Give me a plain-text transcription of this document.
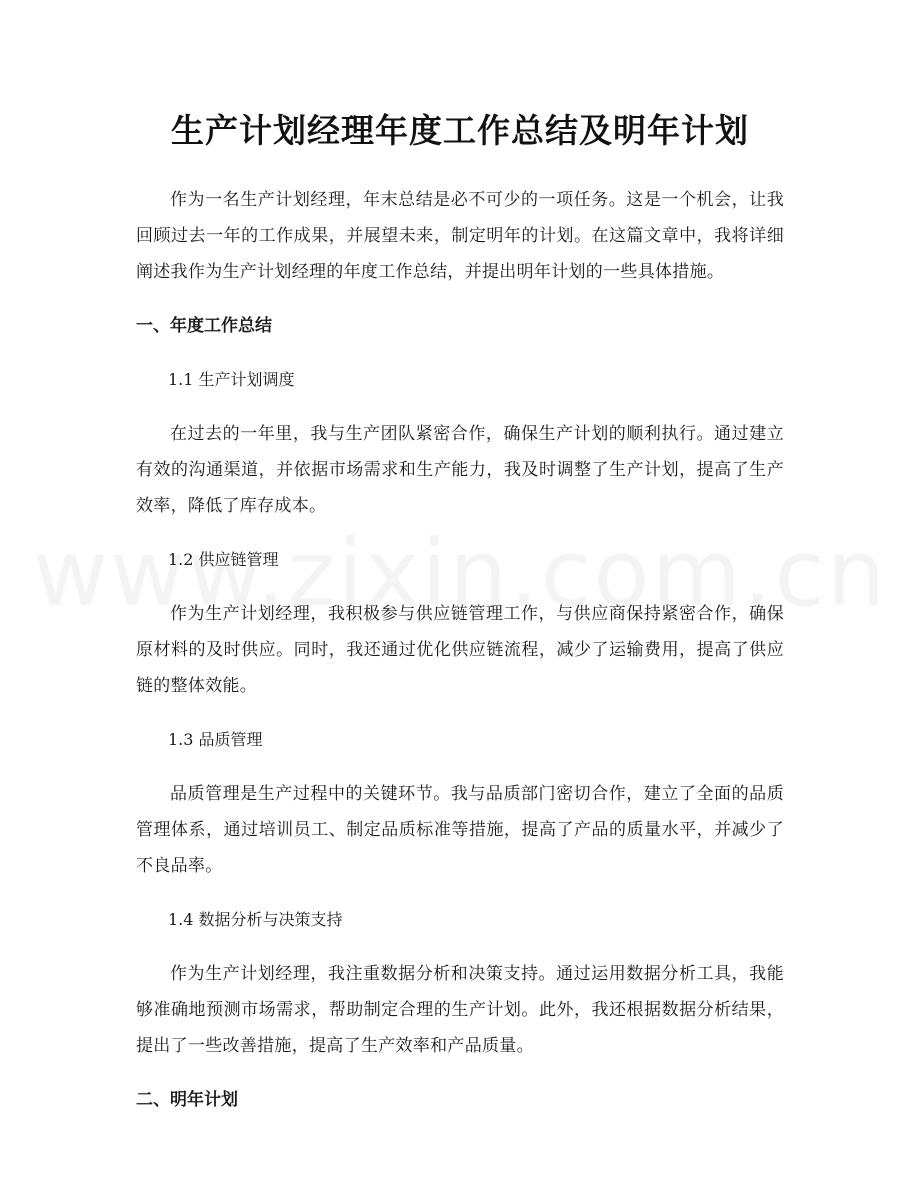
生产计划经理年度工作总结及明年计划

作为一名生产计划经理，年末总结是必不可少的一项任务。这是一个机会，让我回顾过去一年的工作成果，并展望未来，制定明年的计划。在这篇文章中，我将详细阐述我作为生产计划经理的年度工作总结，并提出明年计划的一些具体措施。

一、年度工作总结

1.1 生产计划调度

在过去的一年里，我与生产团队紧密合作，确保生产计划的顺利执行。通过建立有效的沟通渠道，并依据市场需求和生产能力，我及时调整了生产计划，提高了生产效率，降低了库存成本。

1.2 供应链管理

作为生产计划经理，我积极参与供应链管理工作，与供应商保持紧密合作，确保原材料的及时供应。同时，我还通过优化供应链流程，减少了运输费用，提高了供应链的整体效能。

1.3 品质管理

品质管理是生产过程中的关键环节。我与品质部门密切合作，建立了全面的品质管理体系，通过培训员工、制定品质标准等措施，提高了产品的质量水平，并减少了不良品率。

1.4 数据分析与决策支持

作为生产计划经理，我注重数据分析和决策支持。通过运用数据分析工具，我能够准确地预测市场需求，帮助制定合理的生产计划。此外，我还根据数据分析结果，提出了一些改善措施，提高了生产效率和产品质量。

二、明年计划
